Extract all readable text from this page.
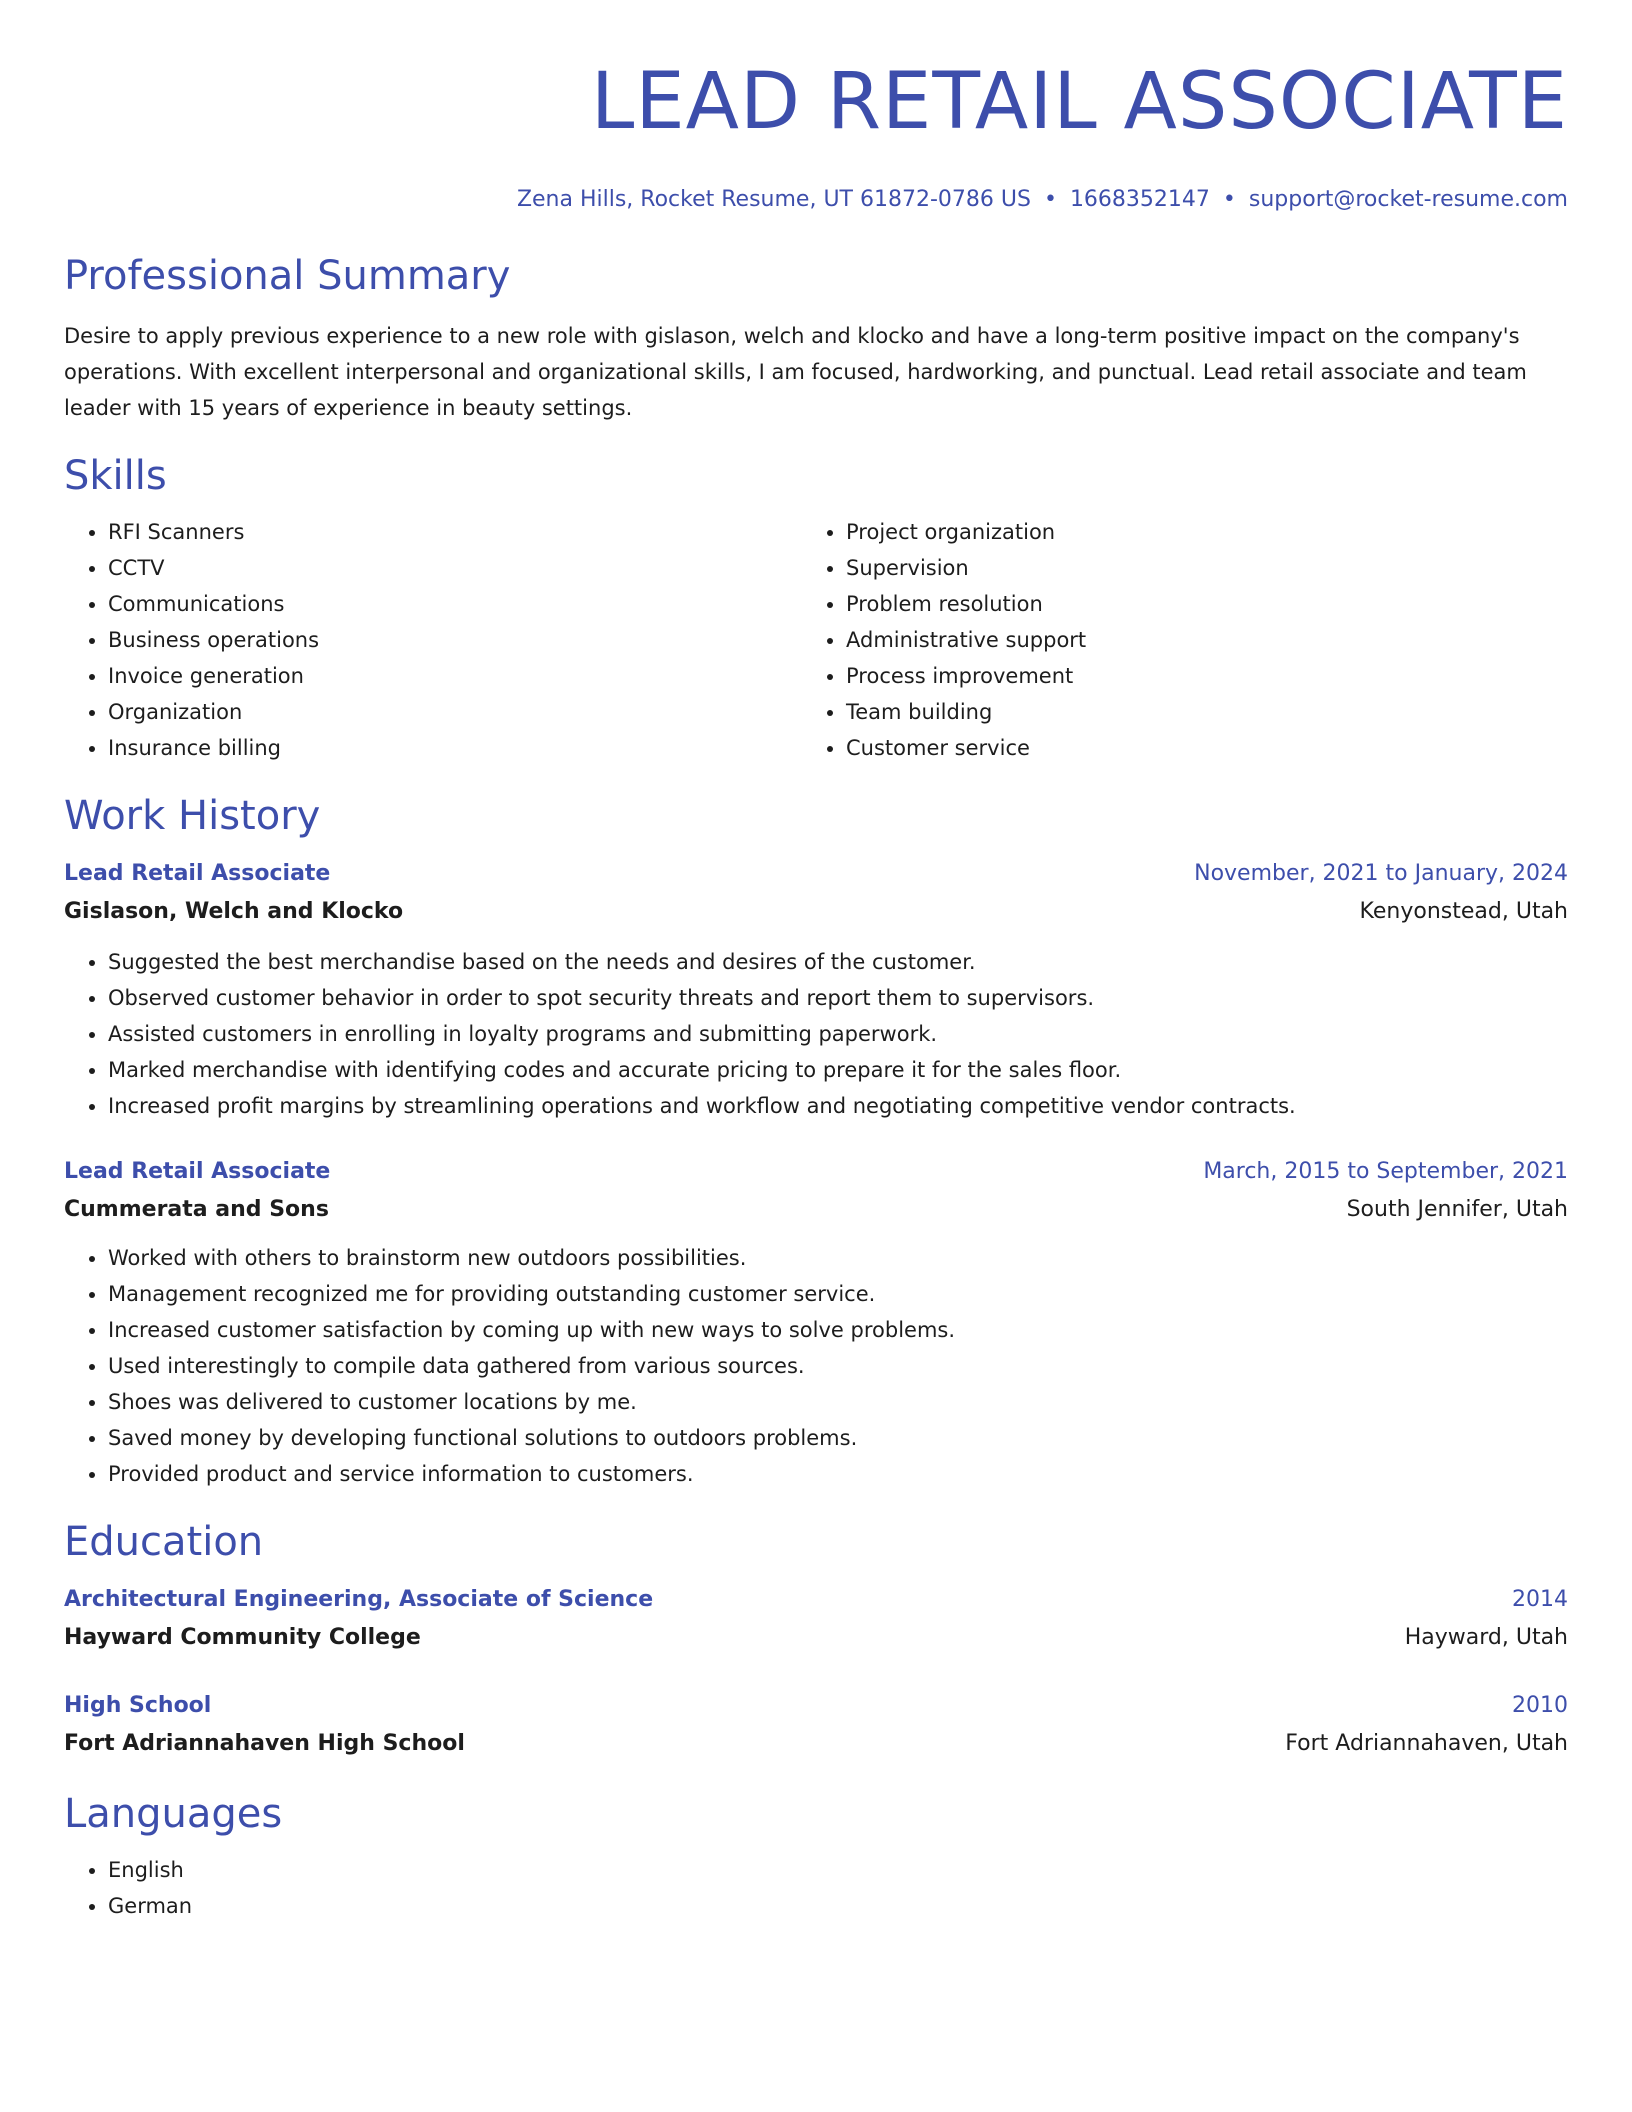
LEAD RETAIL ASSOCIATE
Zena Hills, Rocket Resume, UT 61872-0786 US • 1668352147 • support@rocket-resume.com
Professional Summary

Desire to apply previous experience to a new role with gislason, welch and klocko and have a long-term positive impact on the company's operations. With excellent interpersonal and organizational skills, I am focused, hardworking, and punctual. Lead retail associate and team leader with 15 years of experience in beauty settings.

Skills
• RFI Scanners
• CCTV
• Communications
• Business operations
• Invoice generation
• Organization
• Insurance billing
• Project organization
• Supervision
• Problem resolution
• Administrative support
• Process improvement
• Team building
• Customer service
Work History
Lead Retail Associate	November, 2021 to January, 2024
Gislason, Welch and Klocko	Kenyonstead, Utah
• Suggested the best merchandise based on the needs and desires of the customer.
• Observed customer behavior in order to spot security threats and report them to supervisors.
• Assisted customers in enrolling in loyalty programs and submitting paperwork.
• Marked merchandise with identifying codes and accurate pricing to prepare it for the sales floor.
• Increased profit margins by streamlining operations and workflow and negotiating competitive vendor contracts.
Lead Retail Associate	March, 2015 to September, 2021
Cummerata and Sons	South Jennifer, Utah
• Worked with others to brainstorm new outdoors possibilities.
• Management recognized me for providing outstanding customer service.
• Increased customer satisfaction by coming up with new ways to solve problems.
• Used interestingly to compile data gathered from various sources.
• Shoes was delivered to customer locations by me.
• Saved money by developing functional solutions to outdoors problems.
• Provided product and service information to customers.
Education
Architectural Engineering, Associate of Science	2014
Hayward Community College	Hayward, Utah
High School	2010
Fort Adriannahaven High School	Fort Adriannahaven, Utah
Languages
• English
• German
